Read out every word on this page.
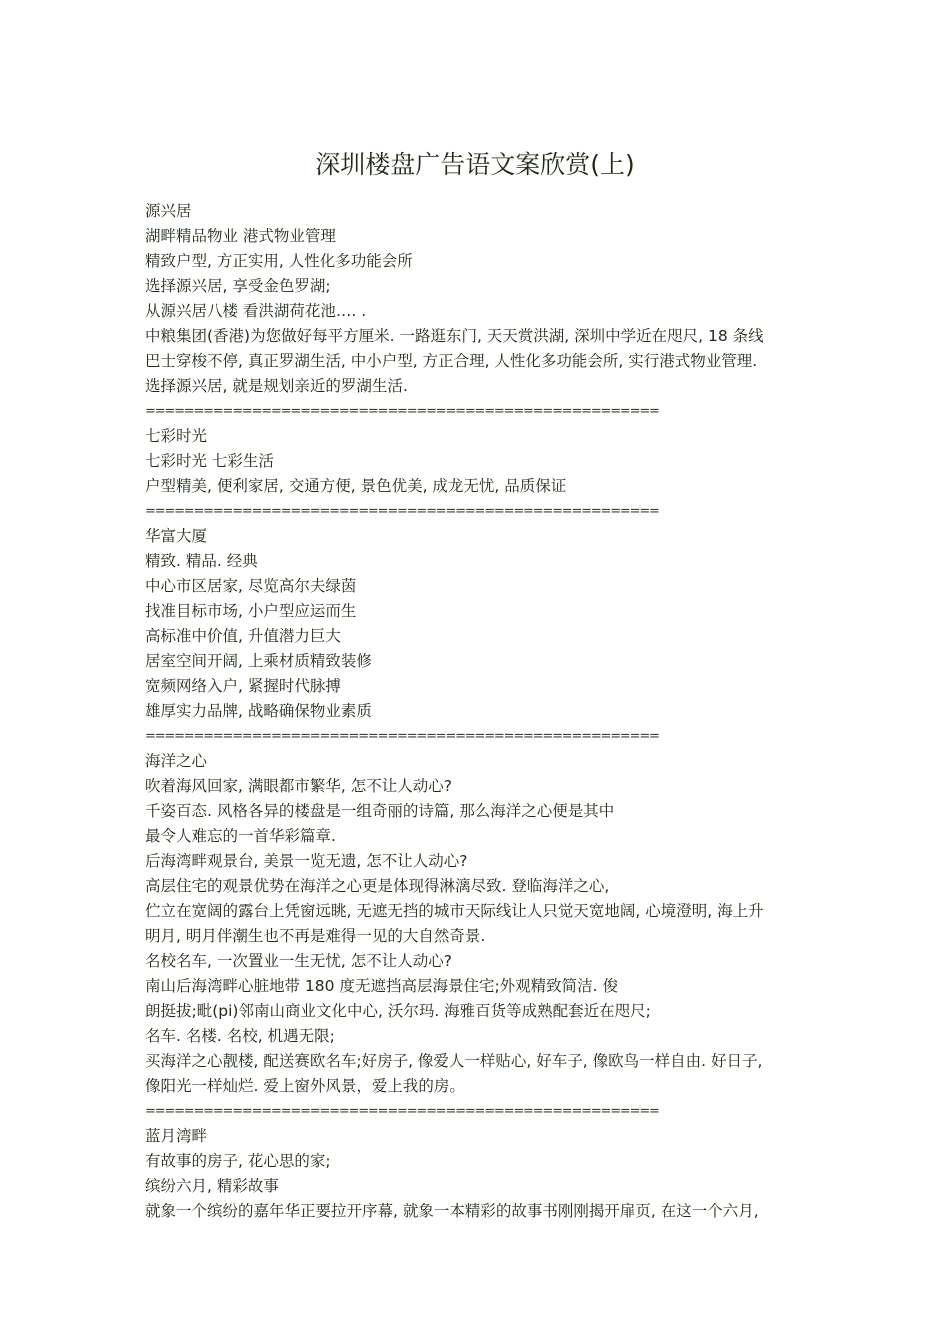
深圳楼盘广告语文案欣赏(上)
源兴居
湖畔精品物业 港式物业管理
精致户型, 方正实用, 人性化多功能会所
选择源兴居, 享受金色罗湖;
从源兴居八楼 看洪湖荷花池…. .
中粮集团(香港)为您做好每平方厘米. 一路逛东门, 天天赏洪湖, 深圳中学近在咫尺, 18 条线
巴士穿梭不停, 真正罗湖生活, 中小户型, 方正合理, 人性化多功能会所, 实行港式物业管理.
选择源兴居, 就是规划亲近的罗湖生活.
=====================================================
七彩时光
七彩时光 七彩生活
户型精美, 便利家居, 交通方便, 景色优美, 成龙无忧, 品质保证
=====================================================
华富大厦
精致. 精品. 经典
中心市区居家, 尽览高尔夫绿茵
找准目标市场, 小户型应运而生
高标准中价值, 升值潜力巨大
居室空间开阔, 上乘材质精致装修
宽频网络入户, 紧握时代脉搏
雄厚实力品牌, 战略确保物业素质
=====================================================
海洋之心
吹着海风回家, 满眼都市繁华, 怎不让人动心?
千姿百态. 风格各异的楼盘是一组奇丽的诗篇, 那么海洋之心便是其中
最令人难忘的一首华彩篇章.
后海湾畔观景台, 美景一览无遗, 怎不让人动心?
高层住宅的观景优势在海洋之心更是体现得淋漓尽致. 登临海洋之心,
伫立在宽阔的露台上凭窗远眺, 无遮无挡的城市天际线让人只觉天宽地阔, 心境澄明, 海上升
明月, 明月伴潮生也不再是难得一见的大自然奇景.
名校名车, 一次置业一生无忧, 怎不让人动心?
南山后海湾畔心脏地带 180 度无遮挡高层海景住宅;外观精致简洁. 俊
朗挺拔;毗(pi)邻南山商业文化中心, 沃尔玛. 海雅百货等成熟配套近在咫尺;
名车. 名楼. 名校, 机遇无限;
买海洋之心靓楼, 配送赛欧名车;好房子, 像爱人一样贴心, 好车子, 像欧鸟一样自由. 好日子,
像阳光一样灿烂. 爱上窗外风景，爱上我的房。
=====================================================
蓝月湾畔
有故事的房子, 花心思的家;
缤纷六月, 精彩故事
就象一个缤纷的嘉年华正要拉开序幕, 就象一本精彩的故事书刚刚揭开扉页, 在这一个六月,
